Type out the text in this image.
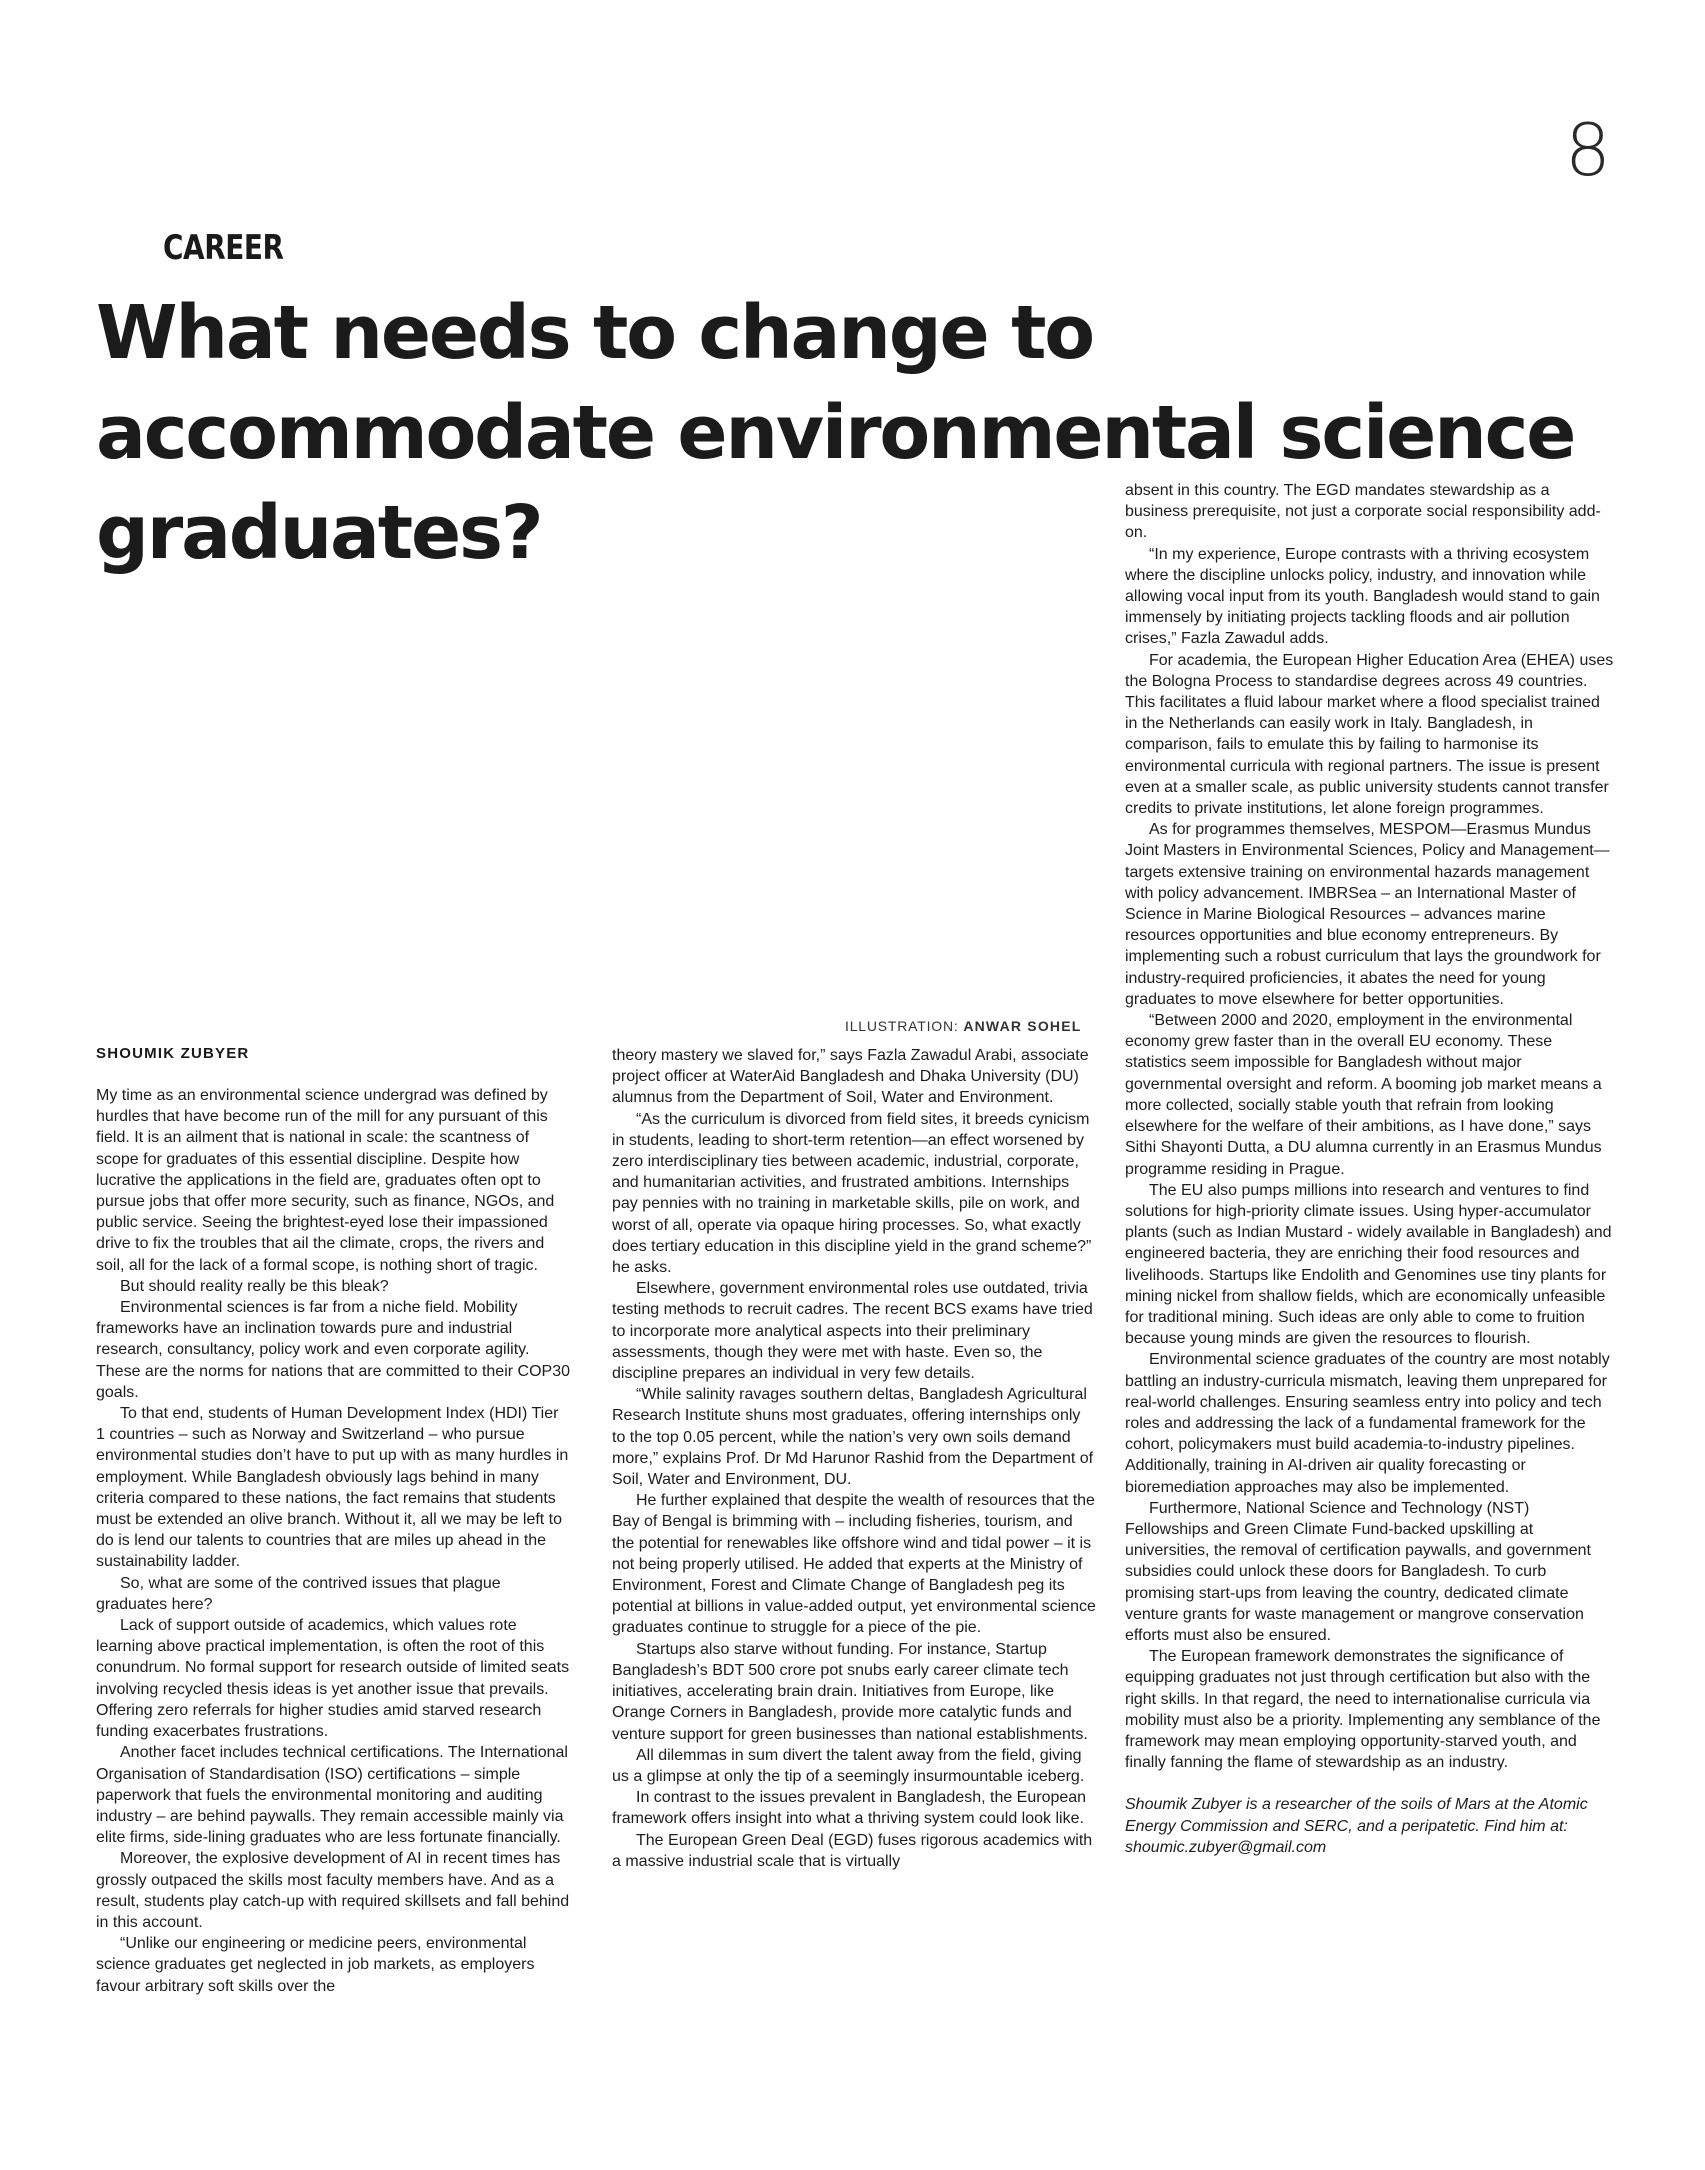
8
CAREER
What needs to change to accommodate environmental science graduates?
ILLUSTRATION: ANWAR SOHEL
SHOUMIK ZUBYER

My time as an environmental science undergrad was defined by hurdles that have become run of the mill for any pursuant of this field. It is an ailment that is national in scale: the scantness of scope for graduates of this essential discipline. Despite how lucrative the applications in the field are, graduates often opt to pursue jobs that offer more security, such as finance, NGOs, and public service. Seeing the brightest-eyed lose their impassioned drive to fix the troubles that ail the climate, crops, the rivers and soil, all for the lack of a formal scope, is nothing short of tragic.

But should reality really be this bleak?

Environmental sciences is far from a niche field. Mobility frameworks have an inclination towards pure and industrial research, consultancy, policy work and even corporate agility. These are the norms for nations that are committed to their COP30 goals.

To that end, students of Human Development Index (HDI) Tier 1 countries – such as Norway and Switzerland – who pursue environmental studies don’t have to put up with as many hurdles in employment. While Bangladesh obviously lags behind in many criteria compared to these nations, the fact remains that students must be extended an olive branch. Without it, all we may be left to do is lend our talents to countries that are miles up ahead in the sustainability ladder.

So, what are some of the contrived issues that plague graduates here?

Lack of support outside of academics, which values rote learning above practical implementation, is often the root of this conundrum. No formal support for research outside of limited seats involving recycled thesis ideas is yet another issue that prevails. Offering zero referrals for higher studies amid starved research funding exacerbates frustrations.

Another facet includes technical certifications. The International Organisation of Standardisation (ISO) certifications – simple paperwork that fuels the environmental monitoring and auditing industry – are behind paywalls. They remain accessible mainly via elite firms, side-lining graduates who are less fortunate financially.

Moreover, the explosive development of AI in recent times has grossly outpaced the skills most faculty members have. And as a result, students play catch-up with required skillsets and fall behind in this account.

“Unlike our engineering or medicine peers, environmental science graduates get neglected in job markets, as employers favour arbitrary soft skills over the

theory mastery we slaved for,” says Fazla Zawadul Arabi, associate project officer at WaterAid Bangladesh and Dhaka University (DU) alumnus from the Department of Soil, Water and Environment.

“As the curriculum is divorced from field sites, it breeds cynicism in students, leading to short-term retention—an effect worsened by zero interdisciplinary ties between academic, industrial, corporate, and humanitarian activities, and frustrated ambitions. Internships pay pennies with no training in marketable skills, pile on work, and worst of all, operate via opaque hiring processes. So, what exactly does tertiary education in this discipline yield in the grand scheme?” he asks.

Elsewhere, government environmental roles use outdated, trivia testing methods to recruit cadres. The recent BCS exams have tried to incorporate more analytical aspects into their preliminary assessments, though they were met with haste. Even so, the discipline prepares an individual in very few details.

“While salinity ravages southern deltas, Bangladesh Agricultural Research Institute shuns most graduates, offering internships only to the top 0.05 percent, while the nation’s very own soils demand more,” explains Prof. Dr Md Harunor Rashid from the Department of Soil, Water and Environment, DU.

He further explained that despite the wealth of resources that the Bay of Bengal is brimming with – including fisheries, tourism, and the potential for renewables like offshore wind and tidal power – it is not being properly utilised. He added that experts at the Ministry of Environment, Forest and Climate Change of Bangladesh peg its potential at billions in value-added output, yet environmental science graduates continue to struggle for a piece of the pie.

Startups also starve without funding. For instance, Startup Bangladesh’s BDT 500 crore pot snubs early career climate tech initiatives, accelerating brain drain. Initiatives from Europe, like Orange Corners in Bangladesh, provide more catalytic funds and venture support for green businesses than national establishments.

All dilemmas in sum divert the talent away from the field, giving us a glimpse at only the tip of a seemingly insurmountable iceberg.

In contrast to the issues prevalent in Bangladesh, the European framework offers insight into what a thriving system could look like.

The European Green Deal (EGD) fuses rigorous academics with a massive industrial scale that is virtually

absent in this country. The EGD mandates stewardship as a business prerequisite, not just a corporate social responsibility add-on.

“In my experience, Europe contrasts with a thriving ecosystem where the discipline unlocks policy, industry, and innovation while allowing vocal input from its youth. Bangladesh would stand to gain immensely by initiating projects tackling floods and air pollution crises,” Fazla Zawadul adds.

For academia, the European Higher Education Area (EHEA) uses the Bologna Process to standardise degrees across 49 countries. This facilitates a fluid labour market where a flood specialist trained in the Netherlands can easily work in Italy. Bangladesh, in comparison, fails to emulate this by failing to harmonise its environmental curricula with regional partners. The issue is present even at a smaller scale, as public university students cannot transfer credits to private institutions, let alone foreign programmes.

As for programmes themselves, MESPOM—Erasmus Mundus Joint Masters in Environmental Sciences, Policy and Management—targets extensive training on environmental hazards management with policy advancement. IMBRSea – an International Master of Science in Marine Biological Resources – advances marine resources opportunities and blue economy entrepreneurs. By implementing such a robust curriculum that lays the groundwork for industry-required proficiencies, it abates the need for young graduates to move elsewhere for better opportunities.

“Between 2000 and 2020, employment in the environmental economy grew faster than in the overall EU economy. These statistics seem impossible for Bangladesh without major governmental oversight and reform. A booming job market means a more collected, socially stable youth that refrain from looking elsewhere for the welfare of their ambitions, as I have done,” says Sithi Shayonti Dutta, a DU alumna currently in an Erasmus Mundus programme residing in Prague.

The EU also pumps millions into research and ventures to find solutions for high-priority climate issues. Using hyper-accumulator plants (such as Indian Mustard - widely available in Bangladesh) and engineered bacteria, they are enriching their food resources and livelihoods. Startups like Endolith and Genomines use tiny plants for mining nickel from shallow fields, which are economically unfeasible for traditional mining. Such ideas are only able to come to fruition because young minds are given the resources to flourish.

Environmental science graduates of the country are most notably battling an industry-curricula mismatch, leaving them unprepared for real-world challenges. Ensuring seamless entry into policy and tech roles and addressing the lack of a fundamental framework for the cohort, policymakers must build academia-to-industry pipelines. Additionally, training in AI-driven air quality forecasting or bioremediation approaches may also be implemented.

Furthermore, National Science and Technology (NST) Fellowships and Green Climate Fund-backed upskilling at universities, the removal of certification paywalls, and government subsidies could unlock these doors for Bangladesh. To curb promising start-ups from leaving the country, dedicated climate venture grants for waste management or mangrove conservation efforts must also be ensured.

The European framework demonstrates the significance of equipping graduates not just through certification but also with the right skills. In that regard, the need to internationalise curricula via mobility must also be a priority. Implementing any semblance of the framework may mean employing opportunity-starved youth, and finally fanning the flame of stewardship as an industry.

Shoumik Zubyer is a researcher of the soils of Mars at the Atomic Energy Commission and SERC, and a peripatetic. Find him at: shoumic.zubyer@gmail.com
